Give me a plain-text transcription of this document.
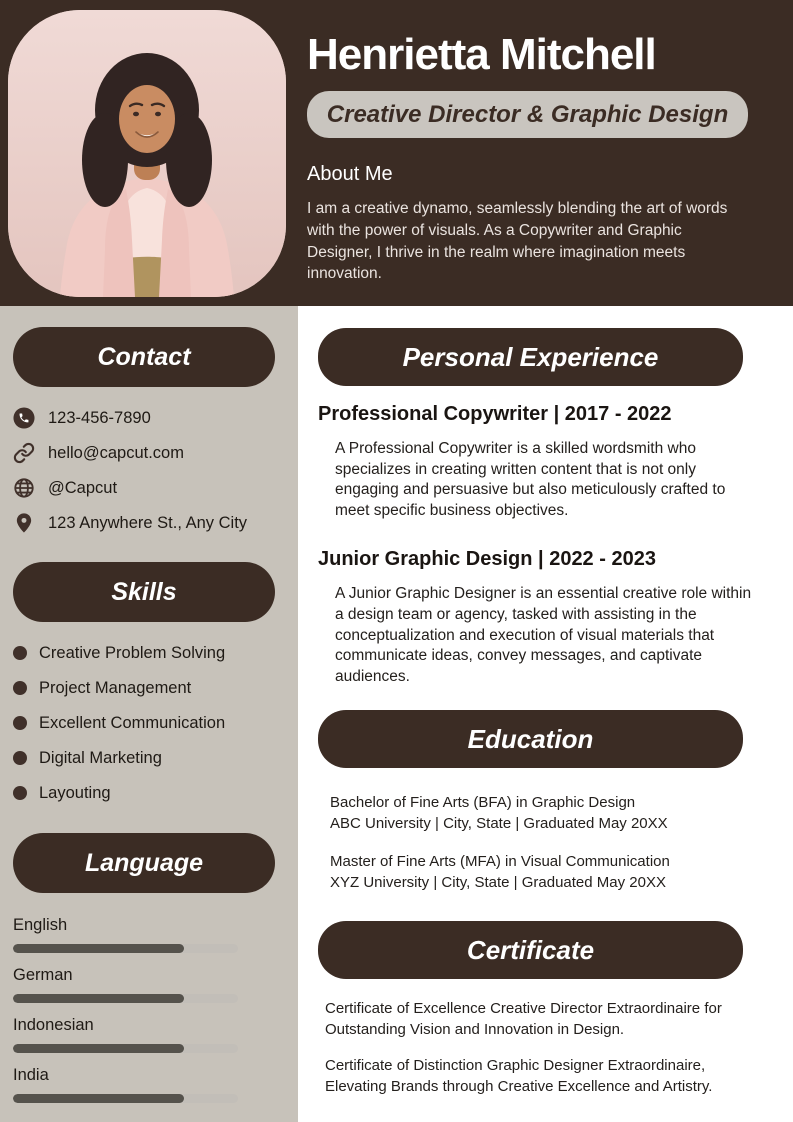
Henrietta Mitchell
Creative Director & Graphic Design
About Me
I am a creative dynamo, seamlessly blending the art of words with the power of visuals. As a Copywriter and Graphic Designer, I thrive in the realm where imagination meets innovation.
Contact
123-456-7890
hello@capcut.com
@Capcut
123 Anywhere St., Any City
Skills
Creative Problem Solving
Project Management
Excellent Communication
Digital Marketing
Layouting
Language
English
German
Indonesian
India
Personal Experience
Professional Copywriter | 2017 - 2022
A Professional Copywriter is a skilled wordsmith who specializes in creating written content that is not only engaging and persuasive but also meticulously crafted to meet specific business objectives.
Junior Graphic Design | 2022 - 2023
A Junior Graphic Designer is an essential creative role within a design team or agency, tasked with assisting in the conceptualization and execution of visual materials that communicate ideas, convey messages, and captivate audiences.
Education
Bachelor of Fine Arts (BFA) in Graphic Design
ABC University | City, State | Graduated May 20XX
Master of Fine Arts (MFA) in Visual Communication
XYZ University | City, State | Graduated May 20XX
Certificate
Certificate of Excellence Creative Director Extraordinaire for Outstanding Vision and Innovation in Design.
Certificate of Distinction Graphic Designer Extraordinaire, Elevating Brands through Creative Excellence and Artistry.
